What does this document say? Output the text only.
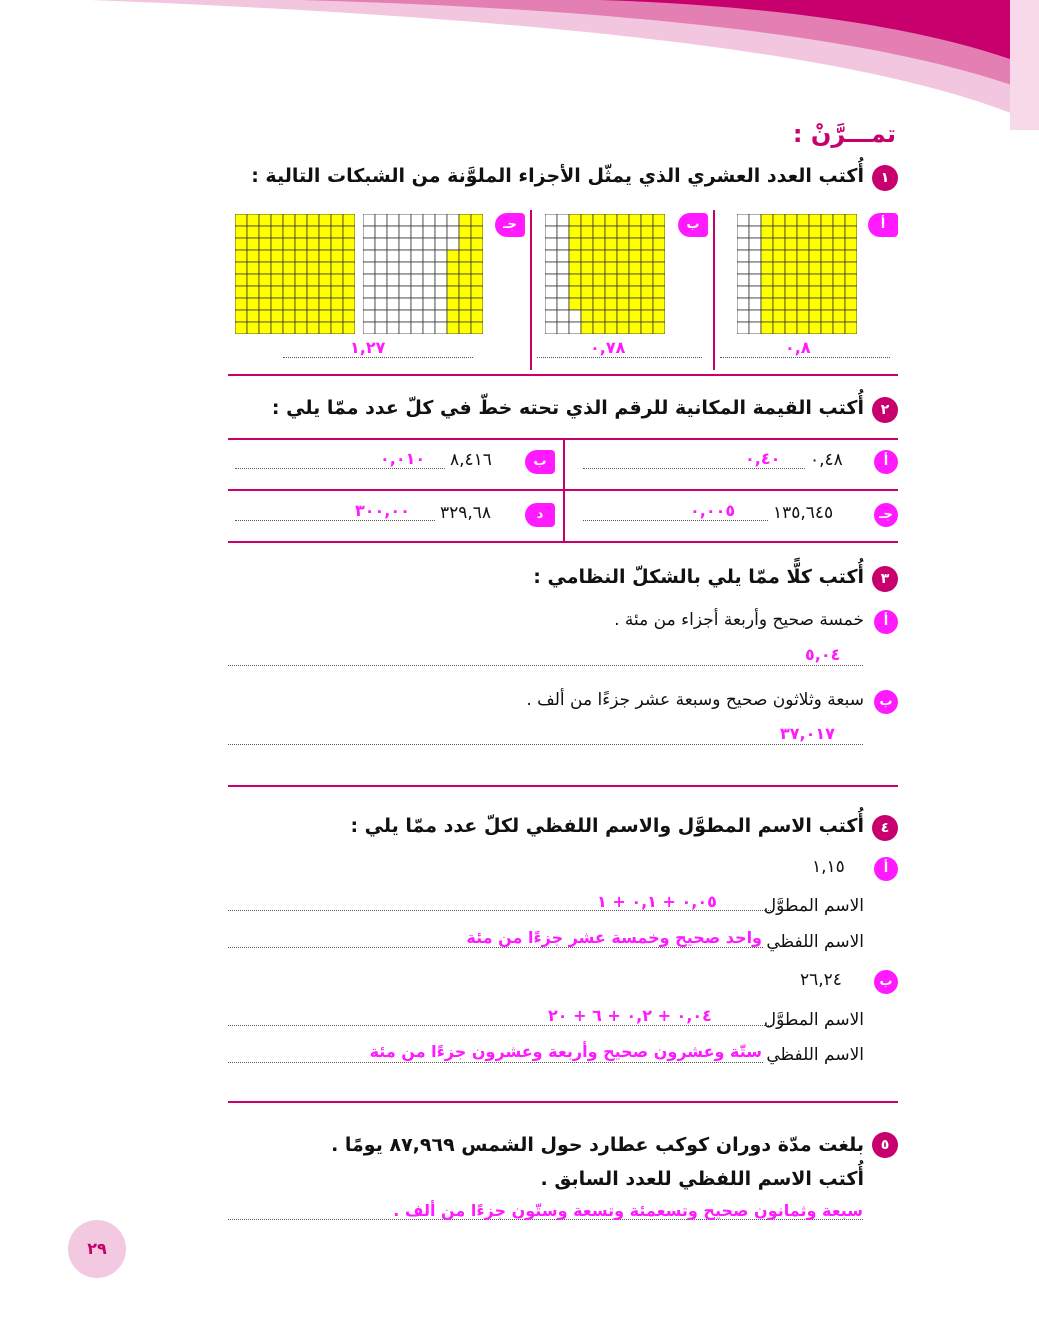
تمـــرَّنْ :
١
أُكتب العدد العشري الذي يمثّل الأجزاء الملوَّنة من الشبكات التالية :
أ
ب
جـ
٠,٨
٠,٧٨
١,٢٧
٢
أُكتب القيمة المكانية للرقم الذي تحته خطّ في كلّ عدد ممّا يلي :
أ
٠,٤٨
٠,٤٠
ب
٨,٤١٦
٠,٠١٠
جـ
١٣٥,٦٤٥
٠,٠٠٥
د
٣٢٩,٦٨
٣٠٠,٠٠
٣
أُكتب كلًّا ممّا يلي بالشكلّ النظامي :
أ
خمسة صحيح وأربعة أجزاء من مئة .
٥,٠٤
ب
سبعة وثلاثون صحيح وسبعة عشر جزءًا من ألف .
٣٧,٠١٧
٤
أُكتب الاسم المطوَّل والاسم اللفظي لكلّ عدد ممّا يلي :
أ
١,١٥
الاسم المطوَّل
٠,٠٥ + ٠,١ + ١
الاسم اللفظي
واحد صحيح وخمسة عشر جزءًا من مئة
ب
٢٦,٢٤
الاسم المطوَّل
٠,٠٤ + ٠,٢ + ٦ + ٢٠
الاسم اللفظي
ستّة وعشرون صحيح وأربعة وعشرون جزءًا من مئة
٥
بلغت مدّة دوران كوكب عطارد حول الشمس ٨٧,٩٦٩ يومًا .
أُكتب الاسم اللفظي للعدد السابق .
سبعة وثمانون صحيح وتسعمئة وتسعة وستّون جزءًا من ألف .
٢٩
